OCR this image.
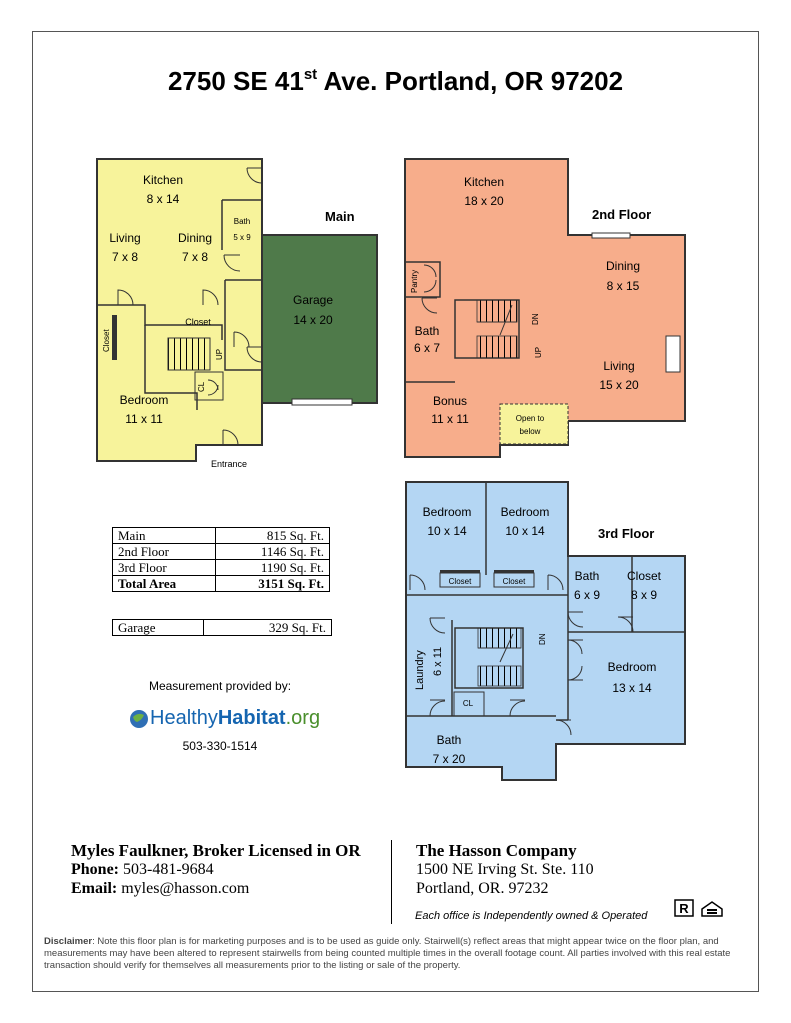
2750 SE 41st Ave. Portland, OR 97202
Main
Kitchen
8 x 14
Living
7 x 8
Dining
7 x 8
Bath
5 x 9
Garage
14 x 20
Bedroom
11 x 11
Closet
Closet
CL
UP
Entrance
2nd Floor
Kitchen
18 x 20
Dining
8 x 15
Bath
6 x 7
Living
15 x 20
Bonus
11 x 11
Pantry
DN
UP
Open to
below
3rd Floor
Bedroom
10 x 14
Bedroom
10 x 14
Bath
6 x 9
Closet
8 x 9
Bedroom
13 x 14
Laundry 6 x 11
Bath
7 x 20
Closet	Closet
CL
DN
Main	815 Sq. Ft.
2nd Floor	1146 Sq. Ft.
3rd Floor	1190 Sq. Ft.
Total Area	3151 Sq. Ft.
Garage	329 Sq. Ft.
Measurement provided by:
HealthyHabitat.org
503-330-1514
Myles Faulkner, Broker Licensed in OR
Phone: 503-481-9684
Email: myles@hasson.com
The Hasson Company
1500 NE Irving St. Ste. 110
Portland, OR. 97232
Each office is Independently owned & Operated R
Disclaimer: Note this floor plan is for marketing purposes and is to be used as guide only. Stairwell(s) reflect areas that might appear twice on the floor plan, and measurements may have been altered to represent stairwells from being counted multiple times in the overall footage count. All parties involved with this real estate transaction should verify for themselves all measurements prior to the listing or sale of the property.
